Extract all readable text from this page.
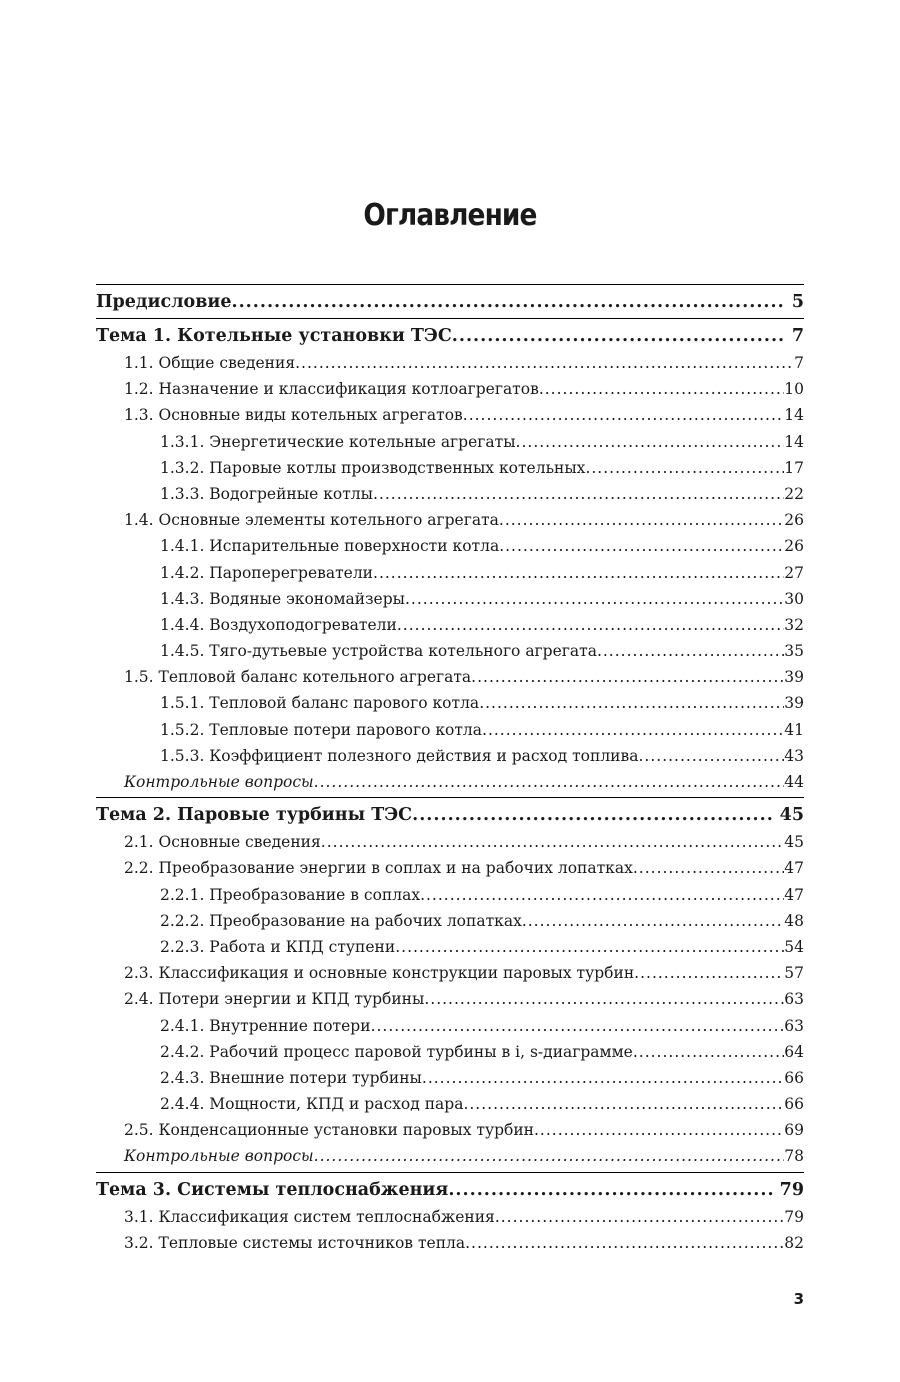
Оглавление
Предисловие .....	5
Тема 1. Котельные установки ТЭС .....	7
1.1. Общие сведения .....	7
1.2. Назначение и классификация котлоагрегатов .....	10
1.3. Основные виды котельных агрегатов .....	14
1.3.1. Энергетические котельные агрегаты .....	14
1.3.2. Паровые котлы производственных котельных .....	17
1.3.3. Водогрейные котлы .....	22
1.4. Основные элементы котельного агрегата .....	26
1.4.1. Испарительные поверхности котла .....	26
1.4.2. Пароперегреватели .....	27
1.4.3. Водяные экономайзеры .....	30
1.4.4. Воздухоподогреватели .....	32
1.4.5. Тяго-дутьевые устройства котельного агрегата .....	35
1.5. Тепловой баланс котельного агрегата .....	39
1.5.1. Тепловой баланс парового котла .....	39
1.5.2. Тепловые потери парового котла .....	41
1.5.3. Коэффициент полезного действия и расход топлива .....	43
Контрольные вопросы .....	44
Тема 2. Паровые турбины ТЭС .....	45
2.1. Основные сведения .....	45
2.2. Преобразование энергии в соплах и на рабочих лопатках .....	47
2.2.1. Преобразование в соплах .....	47
2.2.2. Преобразование на рабочих лопатках .....	48
2.2.3. Работа и КПД ступени .....	54
2.3. Классификация и основные конструкции паровых турбин .....	57
2.4. Потери энергии и КПД турбины .....	63
2.4.1. Внутренние потери .....	63
2.4.2. Рабочий процесс паровой турбины в i, s-диаграмме .....	64
2.4.3. Внешние потери турбины .....	66
2.4.4. Мощности, КПД и расход пара .....	66
2.5. Конденсационные установки паровых турбин .....	69
Контрольные вопросы .....	78
Тема 3. Системы теплоснабжения .....	79
3.1. Классификация систем теплоснабжения .....	79
3.2. Тепловые системы источников тепла .....	82
3
